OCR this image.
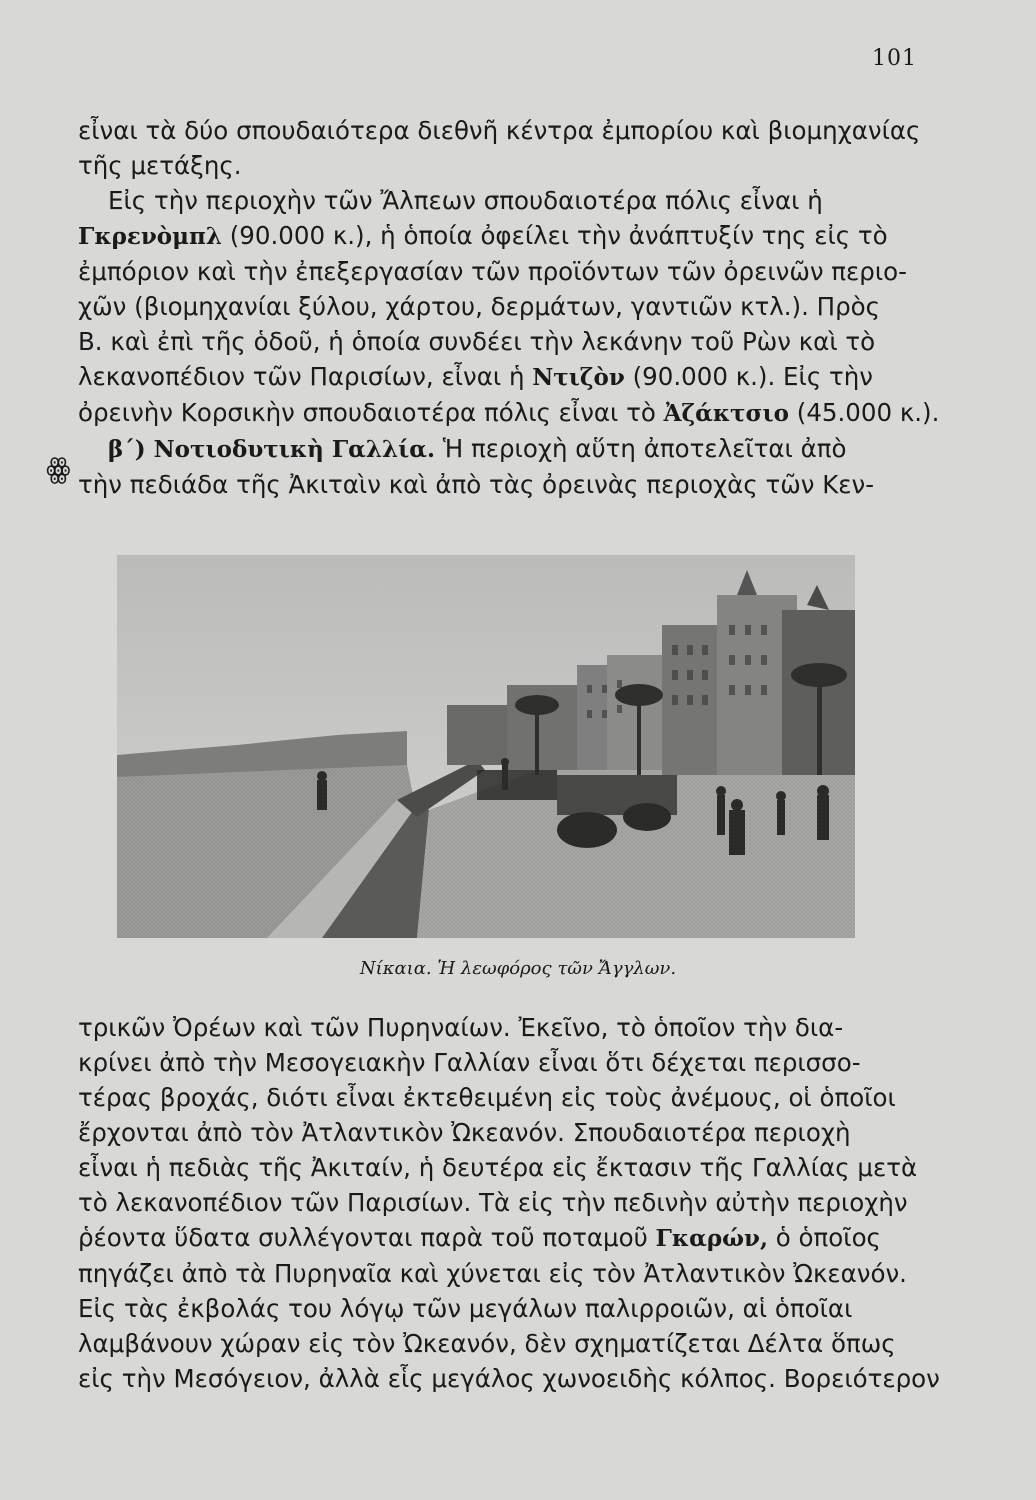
101
εἶναι τὰ δύο σπουδαιότερα διεθνῆ κέντρα ἐμπορίου καὶ βιομηχανίας
τῆς μετάξης.
Εἰς τὴν περιοχὴν τῶν Ἄλπεων σπουδαιοτέρα πόλις εἶναι ἡ
Γκρενὸμπλ (90.000 κ.), ἡ ὁποία ὀφείλει τὴν ἀνάπτυξίν της εἰς τὸ
ἐμπόριον καὶ τὴν ἐπεξεργασίαν τῶν προϊόντων τῶν ὀρεινῶν περιο-
χῶν (βιομηχανίαι ξύλου, χάρτου, δερμάτων, γαντιῶν κτλ.). Πρὸς
Β. καὶ ἐπὶ τῆς ὁδοῦ, ἡ ὁποία συνδέει τὴν λεκάνην τοῦ Ρὼν καὶ τὸ
λεκανοπέδιον τῶν Παρισίων, εἶναι ἡ Ντιζὸν (90.000 κ.). Εἰς τὴν
ὀρεινὴν Κορσικὴν σπουδαιοτέρα πόλις εἶναι τὸ Ἀζάκτσιο (45.000 κ.).
β΄) Νοτιοδυτικὴ Γαλλία. Ἡ περιοχὴ αὕτη ἀποτελεῖται ἀπὸ
τὴν πεδιάδα τῆς Ἀκιταὶν καὶ ἀπὸ τὰς ὀρεινὰς περιοχὰς τῶν Κεν-
ꙮ
Νίκαια. Ἡ λεωφόρος τῶν Ἄγγλων.
τρικῶν Ὀρέων καὶ τῶν Πυρηναίων. Ἐκεῖνο, τὸ ὁποῖον τὴν δια-
κρίνει ἀπὸ τὴν Μεσογειακὴν Γαλλίαν εἶναι ὅτι δέχεται περισσο-
τέρας βροχάς, διότι εἶναι ἐκτεθειμένη εἰς τοὺς ἀνέμους, οἱ ὁποῖοι
ἔρχονται ἀπὸ τὸν Ἀτλαντικὸν Ὠκεανόν. Σπουδαιοτέρα περιοχὴ
εἶναι ἡ πεδιὰς τῆς Ἀκιταίν, ἡ δευτέρα εἰς ἔκτασιν τῆς Γαλλίας μετὰ
τὸ λεκανοπέδιον τῶν Παρισίων. Τὰ εἰς τὴν πεδινὴν αὐτὴν περιοχὴν
ῥέοντα ὕδατα συλλέγονται παρὰ τοῦ ποταμοῦ Γκαρών, ὁ ὁποῖος
πηγάζει ἀπὸ τὰ Πυρηναῖα καὶ χύνεται εἰς τὸν Ἀτλαντικὸν Ὠκεανόν.
Εἰς τὰς ἐκβολάς του λόγῳ τῶν μεγάλων παλιρροιῶν, αἱ ὁποῖαι
λαμβάνουν χώραν εἰς τὸν Ὠκεανόν, δὲν σχηματίζεται Δέλτα ὅπως
εἰς τὴν Μεσόγειον, ἀλλὰ εἷς μεγάλος χωνοειδὴς κόλπος. Βορειότερον
